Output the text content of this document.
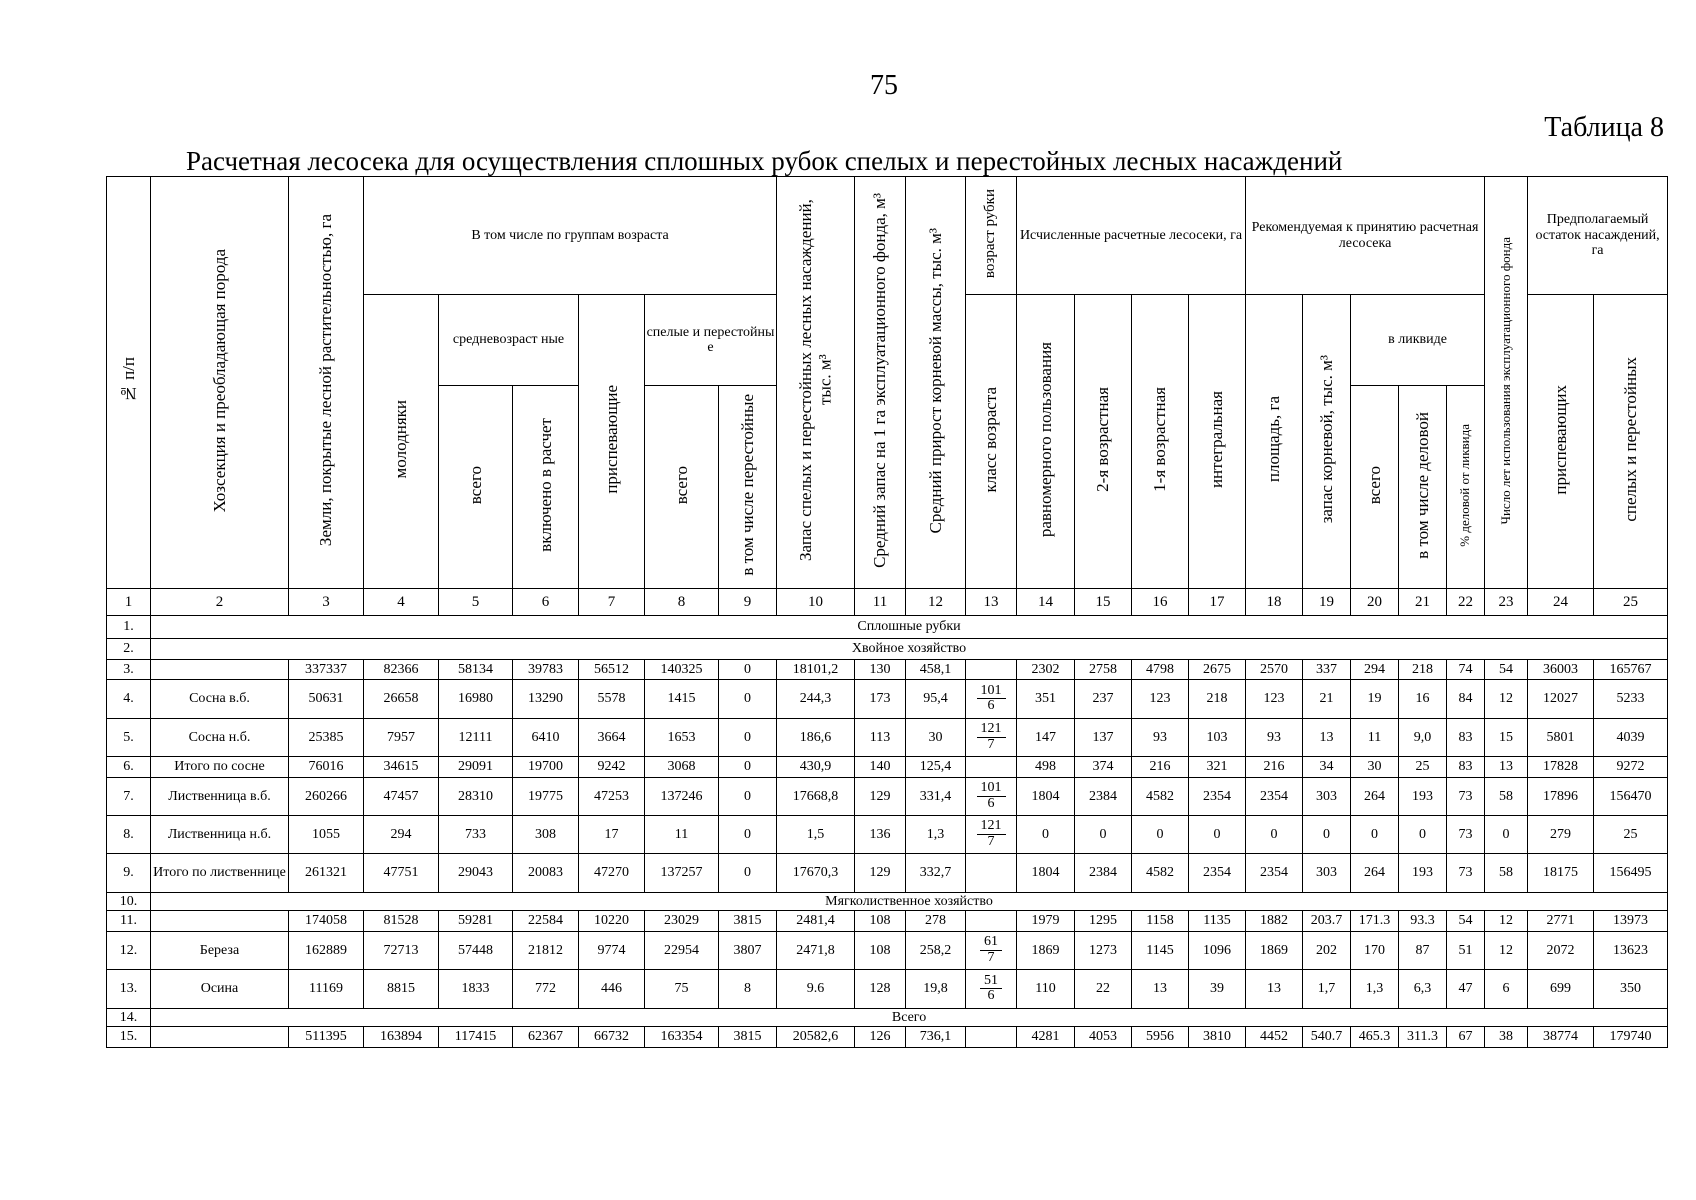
75
Таблица 8
Расчетная лесосека для осуществления сплошных рубок спелых и перестойных лесных насаждений
№ п/п	Хозсекция и преобладающая порода	Земли, покрытые лесной растительностью, га	В том числе по группам возраста						Запас спелых и перестойных лесных насаждений, тыс. м³	Средний запас на 1 га эксплуатационного фонда, м³	Средний прирост корневой массы, тыс. м³	возраст рубки	Исчисленные расчетные лесосеки, га				Рекомендуемая к принятию расчетная лесосека					Число лет использования эксплуатационного фонда	Предполагаемый остаток насаждений, га	
			молодняки	средневозраст ные		приспевающие	спелые и перестойны е					класс возраста	равномерного пользования	2-я возрастная	1-я возрастная	интегральная	площадь, га	запас корневой, тыс. м³	в ликвиде				приспевающих	спелых и перестойных
				всего	включено в расчет		всего	в том числе перестойные											всего	в том числе деловой	% деловой от ликвида			
1	2	3	4	5	6	7	8	9	10	11	12	13	14	15	16	17	18	19	20	21	22	23	24	25
1.	Сплошные рубки																							
2.	Хвойное хозяйство																							
3.		337337	82366	58134	39783	56512	140325	0	18101,2	130	458,1		2302	2758	4798	2675	2570	337	294	218	74	54	36003	165767
4.	Сосна в.б.	50631	26658	16980	13290	5578	1415	0	244,3	173	95,4	$\frac{101}{6}$	351	237	123	218	123	21	19	16	84	12	12027	5233
5.	Сосна н.б.	25385	7957	12111	6410	3664	1653	0	186,6	113	30	$\frac{121}{7}$	147	137	93	103	93	13	11	9,0	83	15	5801	4039
6.	Итого по сосне	76016	34615	29091	19700	9242	3068	0	430,9	140	125,4		498	374	216	321	216	34	30	25	83	13	17828	9272
7.	Лиственница в.б.	260266	47457	28310	19775	47253	137246	0	17668,8	129	331,4	$\frac{101}{6}$	1804	2384	4582	2354	2354	303	264	193	73	58	17896	156470
8.	Лиственница н.б.	1055	294	733	308	17	11	0	1,5	136	1,3	$\frac{121}{7}$	0	0	0	0	0	0	0	0	73	0	279	25
9.	Итого по лиственнице	261321	47751	29043	20083	47270	137257	0	17670,3	129	332,7		1804	2384	4582	2354	2354	303	264	193	73	58	18175	156495
10.	Мягколиственное хозяйство																							
11.		174058	81528	59281	22584	10220	23029	3815	2481,4	108	278		1979	1295	1158	1135	1882	203.7	171.3	93.3	54	12	2771	13973
12.	Береза	162889	72713	57448	21812	9774	22954	3807	2471,8	108	258,2	$\frac{61}{7}$	1869	1273	1145	1096	1869	202	170	87	51	12	2072	13623
13.	Осина	11169	8815	1833	772	446	75	8	9.6	128	19,8	$\frac{51}{6}$	110	22	13	39	13	1,7	1,3	6,3	47	6	699	350
14.	Всего																							
15.		511395	163894	117415	62367	66732	163354	3815	20582,6	126	736,1		4281	4053	5956	3810	4452	540.7	465.3	311.3	67	38	38774	179740
